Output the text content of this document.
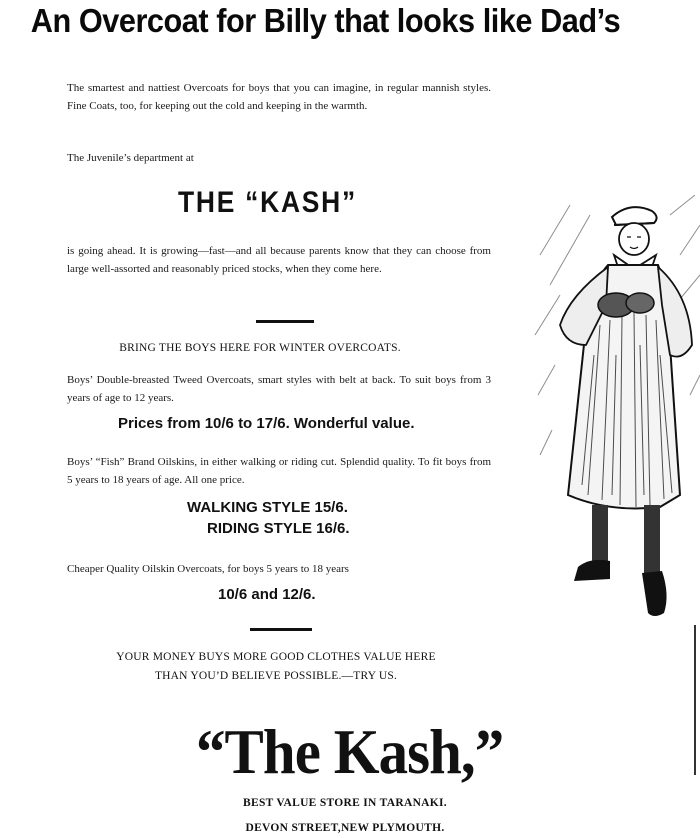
An Overcoat for Billy that looks like Dad’s
The smartest and nattiest Overcoats for boys that you can imagine, in regular mannish styles. Fine Coats, too, for keeping out the cold and keeping in the warmth.
The Juvenile’s department at
THE “KASH”
is going ahead. It is growing—fast—and all because parents know that they can choose from large well-assorted and reasonably priced stocks, when they come here.
BRING THE BOYS HERE FOR WINTER OVERCOATS.
Boys’ Double-breasted Tweed Overcoats, smart styles with belt at back. To suit boys from 3 years of age to 12 years.
Prices from 10/6 to 17/6. Wonderful value.
Boys’ “Fish” Brand Oilskins, in either walking or riding cut. Splendid quality. To fit boys from 5 years to 18 years of age. All one price.
WALKING STYLE 15/6.
RIDING STYLE 16/6.
Cheaper Quality Oilskin Overcoats, for boys 5 years to 18 years
10/6 and 12/6.
YOUR MONEY BUYS MORE GOOD CLOTHES VALUE HERE
THAN YOU’D BELIEVE POSSIBLE.—TRY US.
“The Kash,”
BEST VALUE STORE IN TARANAKI.
DEVON STREET,NEW PLYMOUTH.
